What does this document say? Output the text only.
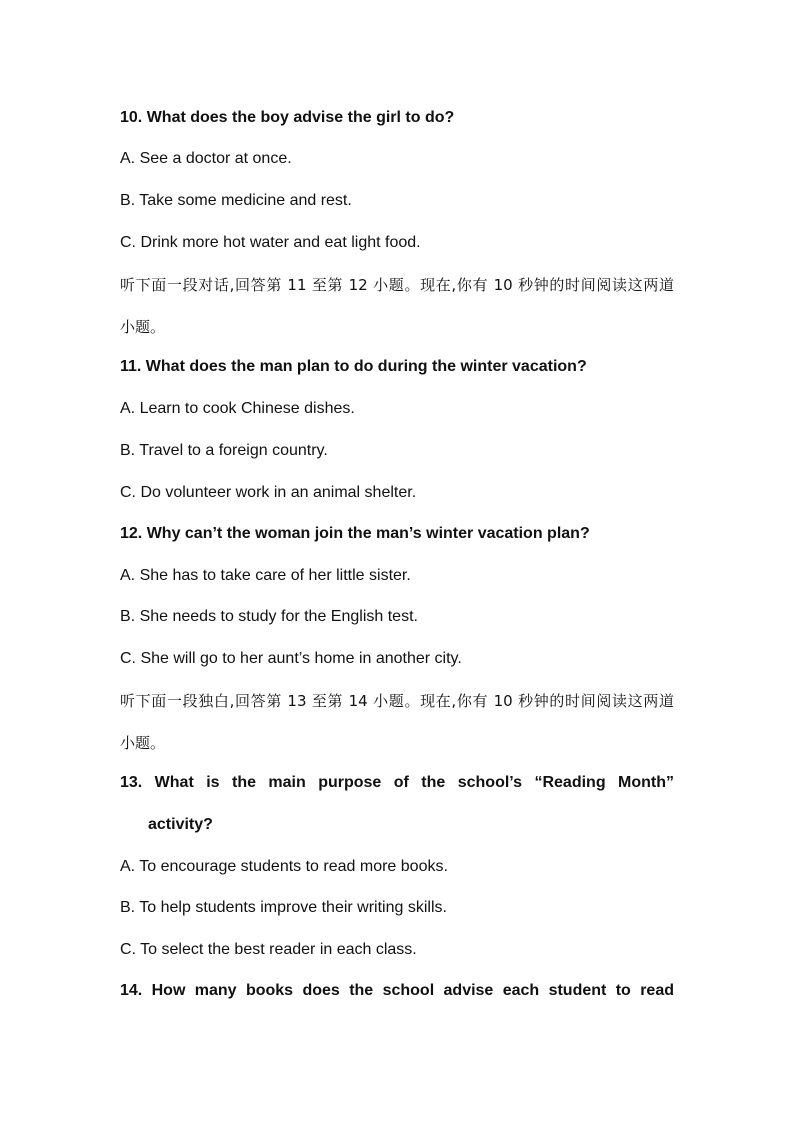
10. What does the boy advise the girl to do?
A. See a doctor at once.
B. Take some medicine and rest.
C. Drink more hot water and eat light food.
听下面一段对话,回答第 11 至第 12 小题。现在,你有 10 秒钟的时间阅读这两道
小题。
11. What does the man plan to do during the winter vacation?
A. Learn to cook Chinese dishes.
B. Travel to a foreign country.
C. Do volunteer work in an animal shelter.
12. Why can’t the woman join the man’s winter vacation plan?
A. She has to take care of her little sister.
B. She needs to study for the English test.
C. She will go to her aunt’s home in another city.
听下面一段独白,回答第 13 至第 14 小题。现在,你有 10 秒钟的时间阅读这两道
小题。
13. What is the main purpose of the school’s “Reading Month”
activity?
A. To encourage students to read more books.
B. To help students improve their writing skills.
C. To select the best reader in each class.
14. How many books does the school advise each student to read
